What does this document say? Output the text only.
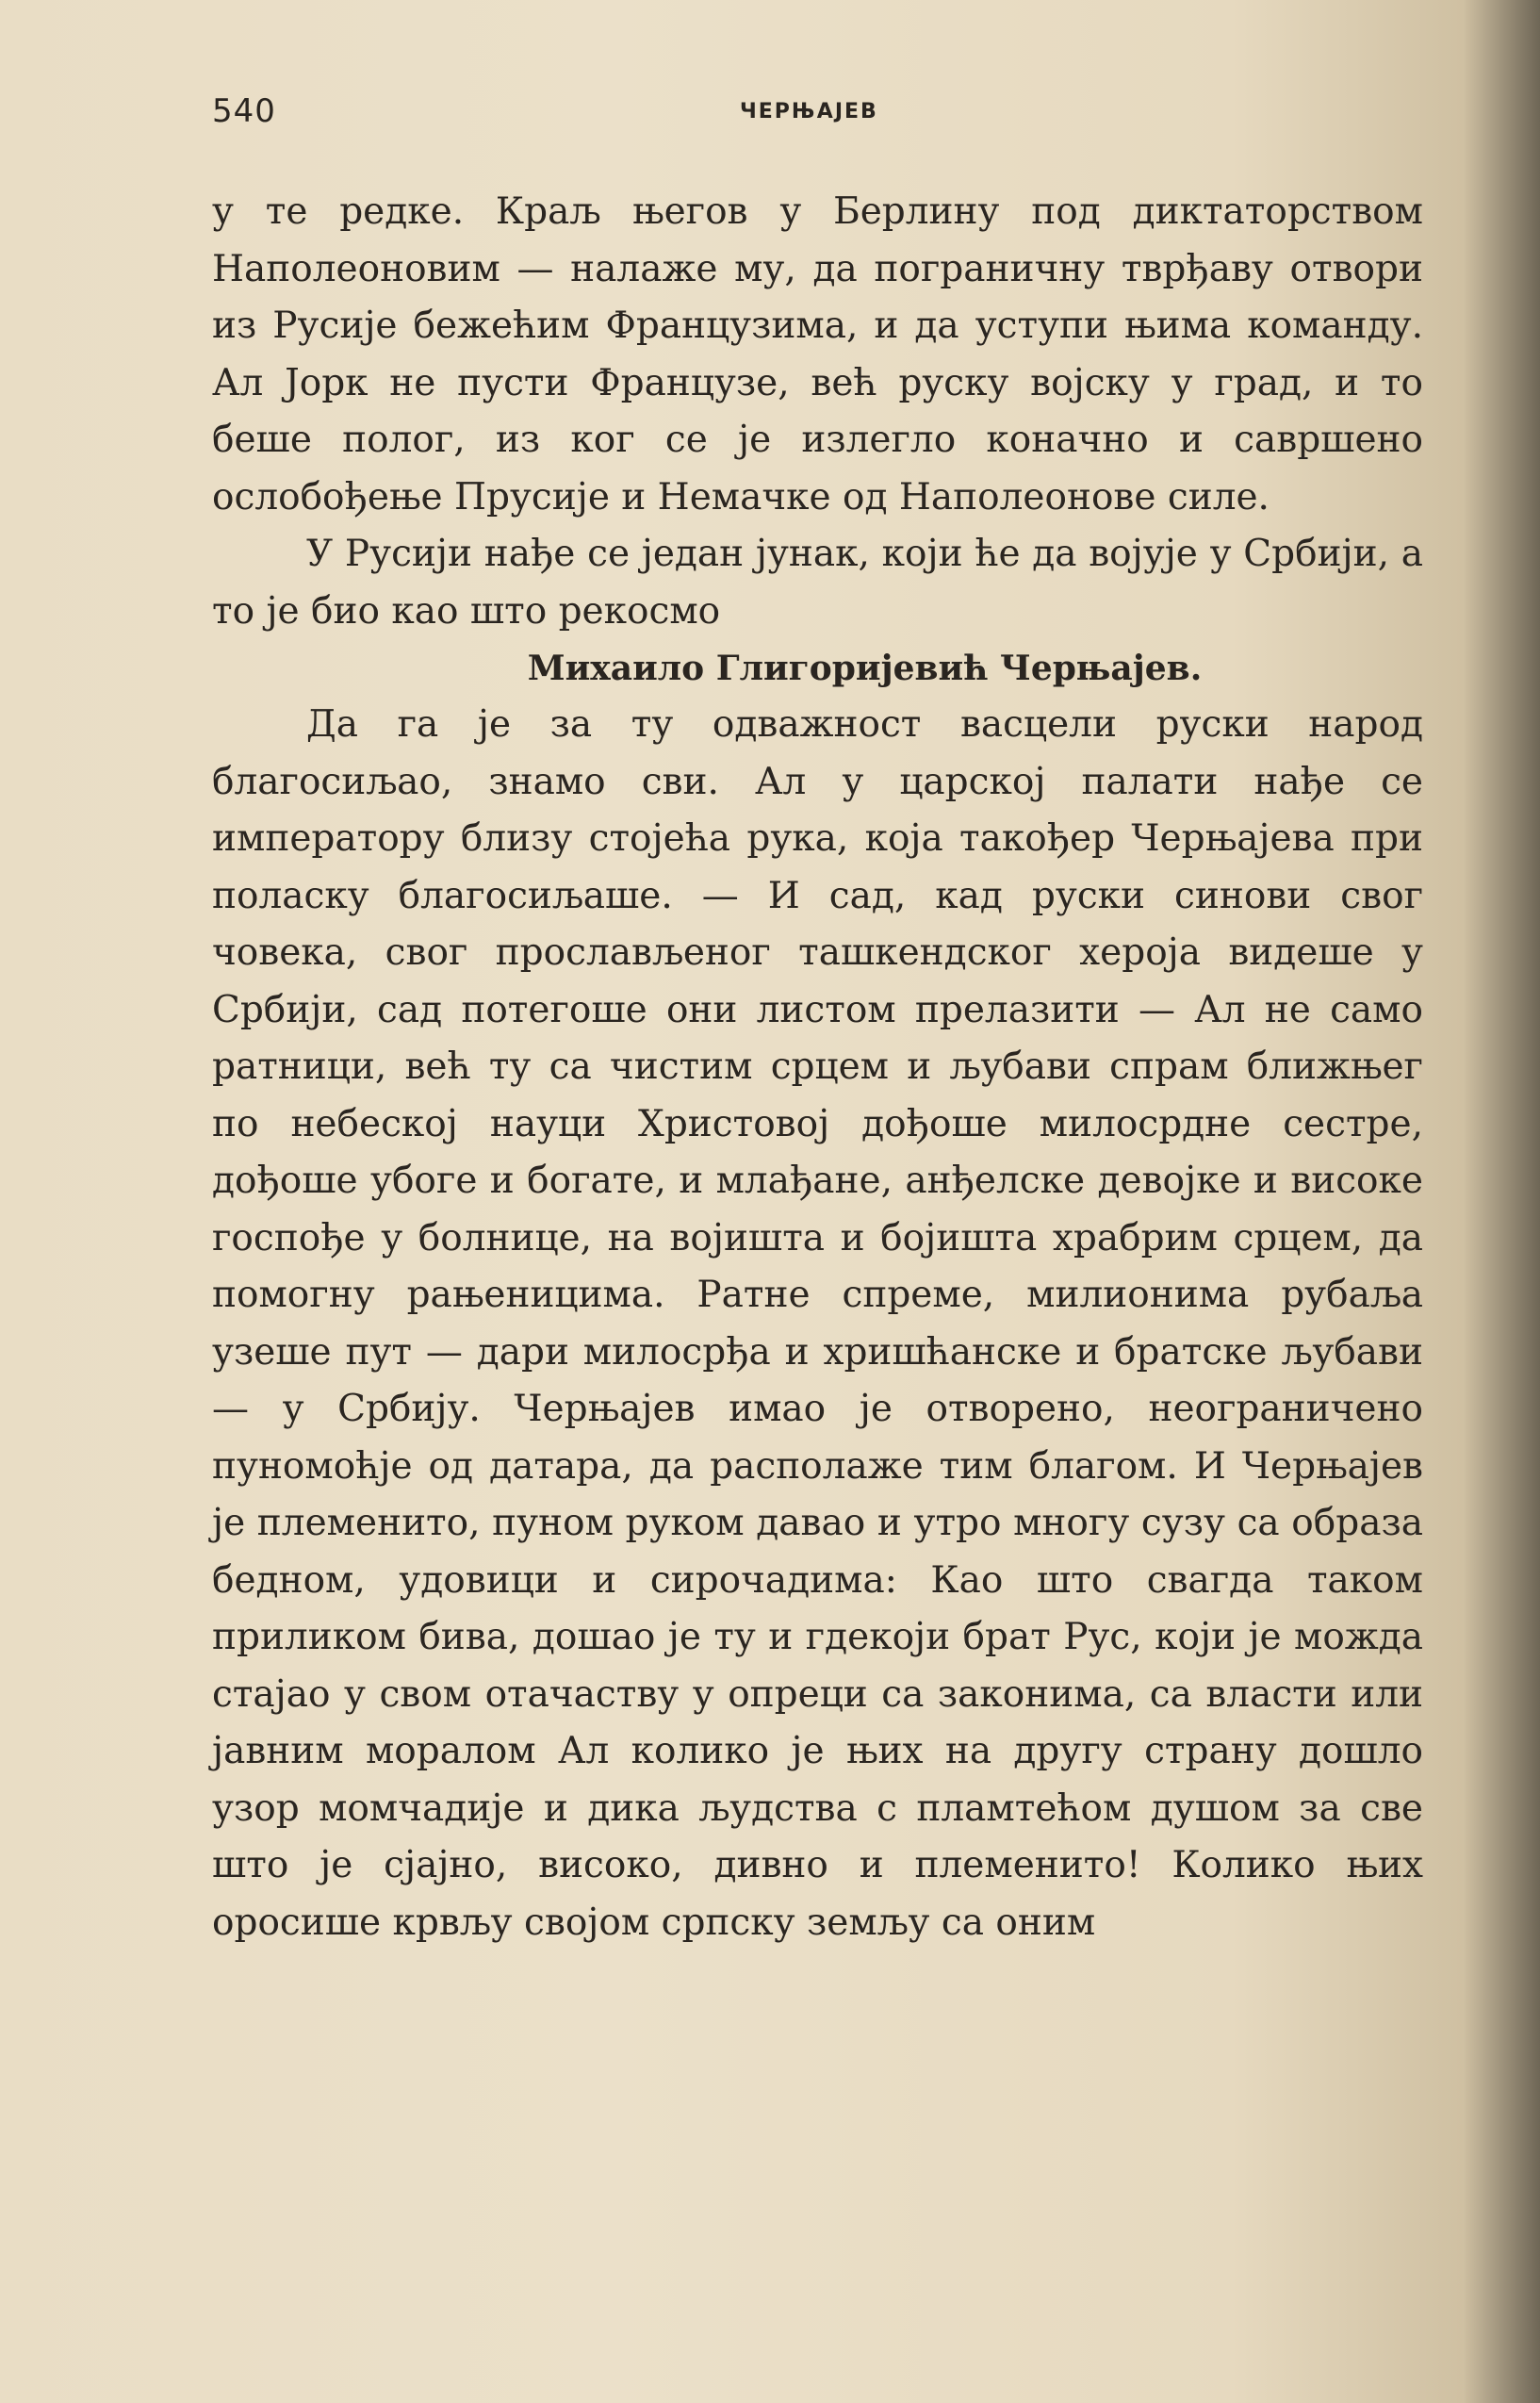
540	ЧЕРЊАЈЕВ

у те редке. Краљ његов у Берлину под диктаторством Наполеоновим — налаже му, да пограничну тврђаву отвори из Русије бежећим Французима, и да уступи њима команду. Ал Јорк не пусти Французе, већ руску војску у град, и то беше полог, из ког се је излегло коначно и савршено ослобођење Прусије и Немачке од Наполеонове силе.

У Русији нађе се један јунак, који ће да војује у Србији, а то је био као што рекосмо

Михаило Глигоријевић Черњајев.

Да га је за ту одважност васцели руски народ благосиљао, знамо сви. Ал у царској палати нађе се императору близу стојећа рука, која такођер Черњајева при поласку благосиљаше. — И сад, кад руски синови свог човека, свог прослављеног ташкендског хероја видеше у Србији, сад потегоше они листом прелазити — Ал не само ратници, већ ту са чистим срцем и љубави спрам ближњег по небеској науци Христовој дођоше милосрдне сестре, дођоше убоге и богате, и млађане, анђелске девојке и високе госпође у болнице, на војишта и бојишта храбрим срцем, да помогну рањеницима. Ратне спреме, милионима рубаља узеше пут — дари милосрђа и хришћанске и братске љубави — у Србију. Черњајев имао је отворено, неограничено пуномоћје од датара, да располаже тим благом. И Черњајев је племенито, пуном руком давао и утро многу сузу са образа бедном, удовици и сирочадима: Као што свагда таком приликом бива, дошао је ту и гдекоји брат Рус, који је можда стајао у свом отачаству у опреци са законима, са власти или јавним моралом Ал колико је њих на другу страну дошло узор момчадије и дика људства с пламтећом душом за све што је сјајно, високо, дивно и племенито! Колико њих оросише крвљу својом српску земљу са оним
